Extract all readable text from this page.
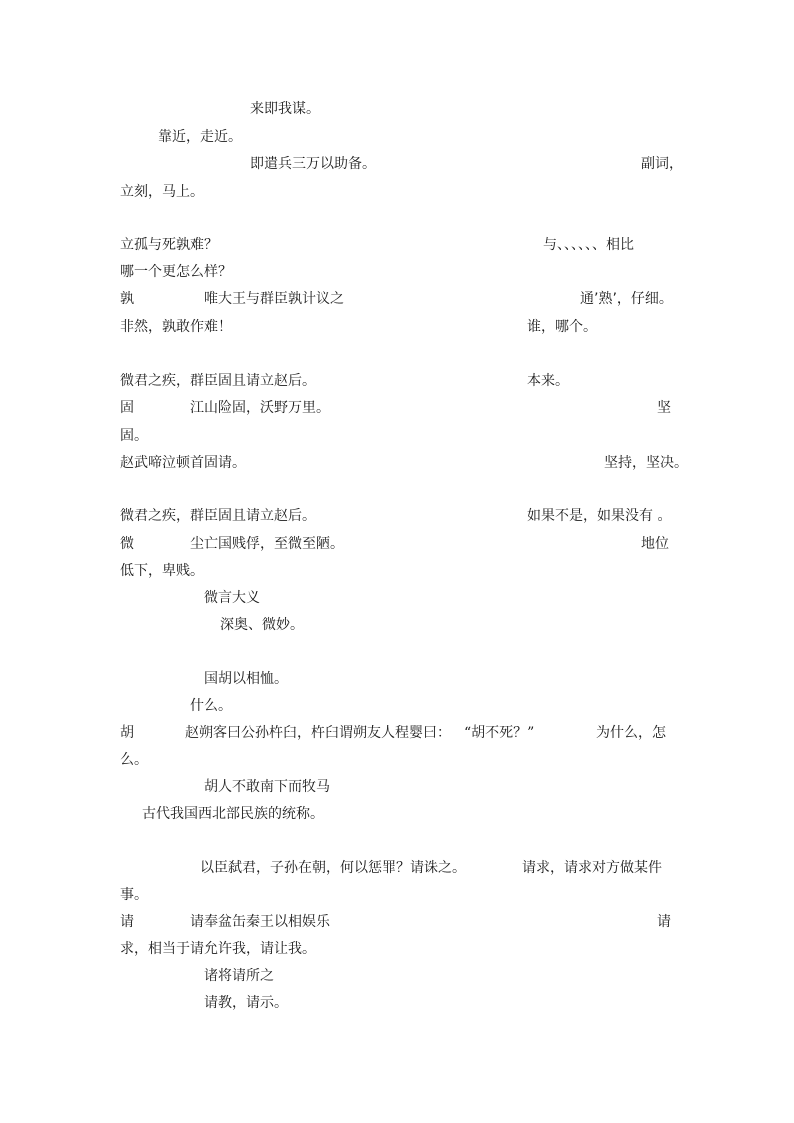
来即我谋。
靠近，走近。
即遣兵三万以助备。	副词，
立刻，马上。
立孤与死孰难？	与、、、、、、相比
哪一个更怎么样？
孰	唯大王与群臣孰计议之	通’熟’，仔细。
非然，孰敢作难！	谁，哪个。
微君之疾，群臣固且请立赵后。	本来。
固	江山险固，沃野万里。	坚
固。
赵武啼泣顿首固请。	坚持，坚决。
微君之疾，群臣固且请立赵后。	如果不是，如果没有 。
微	尘亡国贱俘，至微至陋。	地位
低下，卑贱。
微言大义
深奥、微妙。
国胡以相恤。
什么。
胡	赵朔客曰公孙杵臼，杵臼谓朔友人程婴曰： “胡不死？”	为什么，怎
么。
胡人不敢南下而牧马
古代我国西北部民族的统称。
以臣弑君，子孙在朝，何以惩罪？请诛之。	请求，请求对方做某件
事。
请	请奉盆缶秦王以相娱乐	请
求，相当于请允许我，请让我。
诸将请所之
请教，请示。
